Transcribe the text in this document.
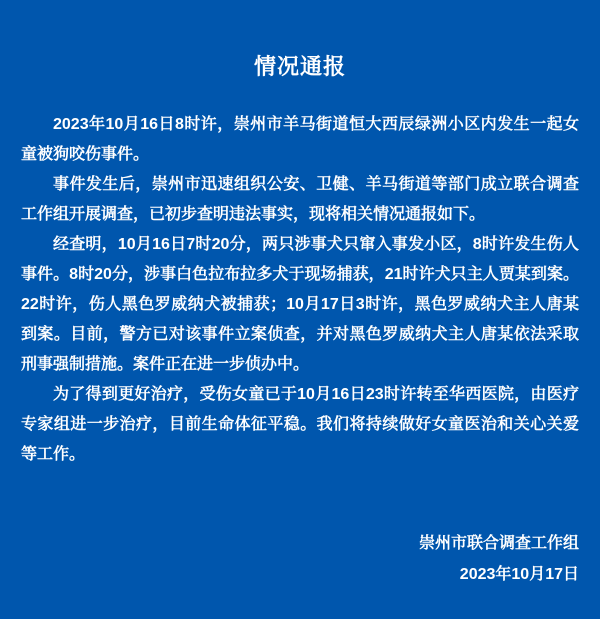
情况通报

2023年10月16日8时许，崇州市羊马街道恒大西辰绿洲小区内发生一起女童被狗咬伤事件。

事件发生后，崇州市迅速组织公安、卫健、羊马街道等部门成立联合调查工作组开展调查，已初步查明违法事实，现将相关情况通报如下。

经查明，10月16日7时20分，两只涉事犬只窜入事发小区，8时许发生伤人事件。8时20分，涉事白色拉布拉多犬于现场捕获，21时许犬只主人贾某到案。22时许，伤人黑色罗威纳犬被捕获；10月17日3时许，黑色罗威纳犬主人唐某到案。目前，警方已对该事件立案侦查，并对黑色罗威纳犬主人唐某依法采取刑事强制措施。案件正在进一步侦办中。

为了得到更好治疗，受伤女童已于10月16日23时许转至华西医院，由医疗专家组进一步治疗，目前生命体征平稳。我们将持续做好女童医治和关心关爱等工作。

崇州市联合调查工作组
2023年10月17日
